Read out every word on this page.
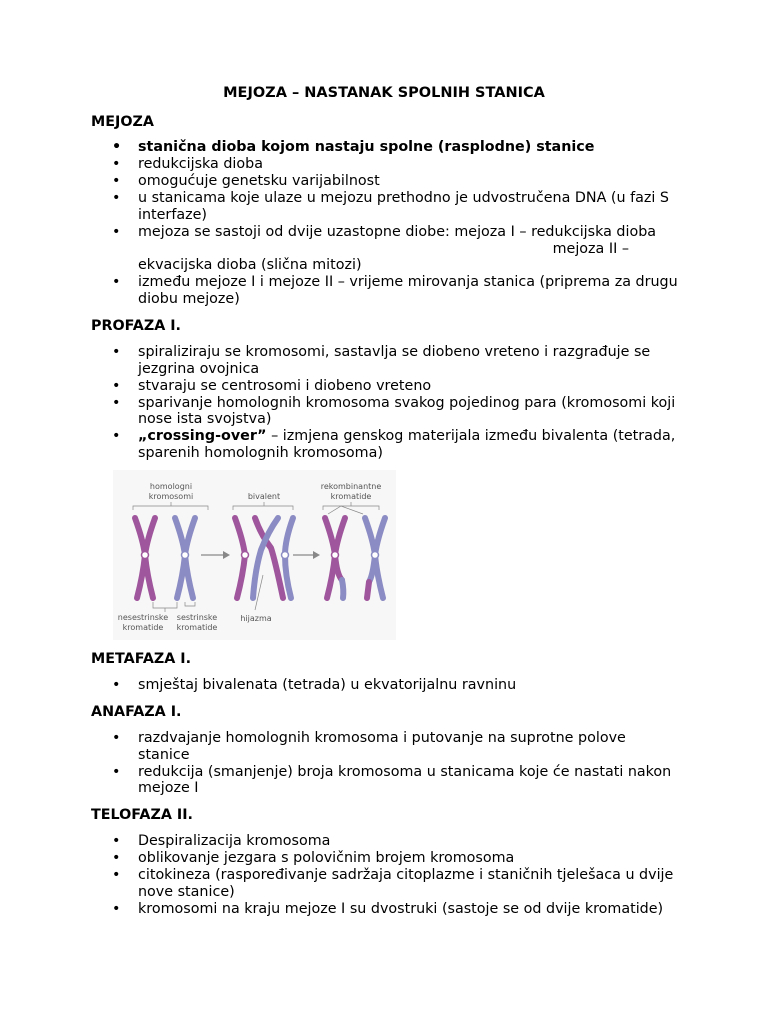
MEJOZA – NASTANAK SPOLNIH STANICA
MEJOZA
• stanična dioba kojom nastaju spolne (rasplodne) stanice
• redukcijska dioba
• omogućuje genetsku varijabilnost
• u stanicama koje ulaze u mejozu prethodno je udvostručena DNA (u fazi S interfaze)
• mejoza se sastoji od dvije uzastopne diobe: mejoza I – redukcijska dioba
mejoza II –
ekvacijska dioba (slična mitozi)
• između mejoze I i mejoze II – vrijeme mirovanja stanica (priprema za drugu diobu mejoze)
PROFAZA I.
• spiraliziraju se kromosomi, sastavlja se diobeno vreteno i razgrađuje se jezgrina ovojnica
• stvaraju se centrosomi i diobeno vreteno
• sparivanje homolognih kromosoma svakog pojedinog para (kromosomi koji nose ista svojstva)
• „crossing-over” – izmjena genskog materijala između bivalenta (tetrada, sparenih homolognih kromosoma)
homologni
kromosomi	bivalent
rekombinantne
kromatide
nesestrinske
kromatide
sestrinske
kromatide
hijazma
METAFAZA I.
• smještaj bivalenata (tetrada) u ekvatorijalnu ravninu
ANAFAZA I.
• razdvajanje homolognih kromosoma i putovanje na suprotne polove stanice
• redukcija (smanjenje) broja kromosoma u stanicama koje će nastati nakon mejoze I
TELOFAZA II.
• Despiralizacija kromosoma
• oblikovanje jezgara s polovičnim brojem kromosoma
• citokineza (raspoređivanje sadržaja citoplazme i staničnih tjelešaca u dvije nove stanice)
• kromosomi na kraju mejoze I su dvostruki (sastoje se od dvije kromatide)
